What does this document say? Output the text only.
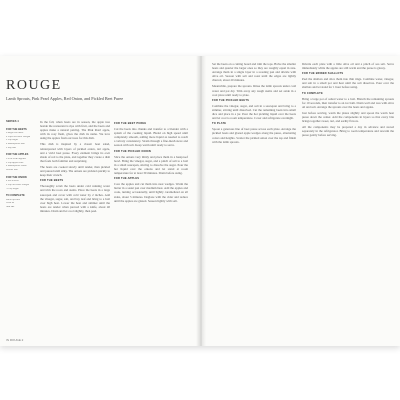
ROUGE

Lamb Sprouts, Pink Pearl Apples, Red Onion, and Pickled Beet Puree

SERVES 4
FOR THE BEETS
8 large red beets
2 cups red wine vinegar
1 cup sugar
2 tablespoons salt
1 bay leaf
FOR THE APPLES
3 Pink Pearl apples
1 cup apple cider
2 tablespoons butter
Kosher salt
FOR THE ONION
2 red onions
1 cup red wine vinegar
½ cup sugar
TO COMPLETE
Lamb sprouts
Olive oil
Sea salt

In the fall, when beets are in season, the apple tree beside the restaurant is ripe with fruit, and the beets and apples make a natural pairing. The Pink Pearl apple, with its rosy flesh, gives the dish its name. We love using the apples from our trees for this dish.

This dish is inspired by a classic beet salad, reinterpreted with layers of pickled onion, tart apple, and a vivid beet puree. Every element brings its own shade of red to the plate, and together they create a dish that feels both familiar and surprising.

The beets are cooked slowly until tender, then pickled and pureed until silky. The onions are pickled quickly to keep their crunch.

FOR THE BEETS

Thoroughly scrub the beets under cold running water and trim the roots and stems. Place the beets in a large saucepan and cover with cold water by 2 inches. Add the vinegar, sugar, salt, and bay leaf and bring to a boil over high heat. Lower the heat and simmer until the beets are tender when pierced with a knife, about 40 minutes. Drain and let cool slightly, then peel.

FOR THE BEET PUREE

Cut the beets into chunks and transfer to a blender with a splash of the cooking liquid. Blend on high speed until completely smooth, adding more liquid as needed to reach a velvety consistency. Strain through a fine-mesh sieve and season with salt. Keep warm until ready to serve.

FOR THE PICKLED ONION

Slice the onions very thinly and place them in a heatproof bowl. Bring the vinegar, sugar, and a pinch of salt to a boil in a small saucepan, stirring to dissolve the sugar. Pour the hot liquid over the onions and let stand at room temperature for at least 30 minutes. Drain before using.

FOR THE APPLES

Core the apples and cut them into neat wedges. Warm the butter in a sauté pan over medium heat. Add the apples and cook, turning occasionally, until lightly caramelized on all sides, about 5 minutes. Deglaze with the cider and reduce until the apples are glazed. Season lightly with salt.

IN ROUGE 2

Set the beets on a cutting board and trim the tops. Halve the smaller beets and quarter the larger ones so they are roughly equal in size. Arrange them in a single layer in a roasting pan and drizzle with olive oil. Season with salt and roast until the edges are lightly charred, about 20 minutes.

Meanwhile, prepare the sprouts. Rinse the lamb sprouts under cold water and pat dry. Trim away any tough stems and set aside in a cool place until ready to plate.

FOR THE PICKLED BEETS

Combine the vinegar, sugar, and salt in a saucepan and bring to a simmer, stirring until dissolved. Cut the remaining beets into small dice and place in a jar. Pour the hot pickling liquid over the beets and let cool to room temperature. Cover and refrigerate overnight.

TO PLATE

Spoon a generous line of beet puree across each plate. Arrange the pickled beets and glazed apple wedges along the puree, alternating colors and heights. Scatter the pickled onion over the top and finish with the lamb sprouts.

Drizzle each plate with a little olive oil and a pinch of sea salt. Serve immediately while the apples are still warm and the puree is glossy.

FOR THE BRINED SHALLOTS

Peel the shallots and slice them into thin rings. Combine water, vinegar, and salt in a small pot and heat until the salt dissolves. Pour over the shallots and let stand for 1 hour before using.

TO COMPLETE

Bring a large pot of salted water to a boil. Blanch the remaining sprouts for 10 seconds, then transfer to an ice bath. Drain well and toss with olive oil and salt. Arrange the sprouts over the beets and apples.

Just before serving, warm the plates slightly and spoon the warm beet puree down the center. Add the components in layers so that every bite brings together sweet, tart, and earthy flavors.

All the components may be prepared a day in advance and stored separately in the refrigerator. Bring to room temperature and rewarm the puree gently before serving.
